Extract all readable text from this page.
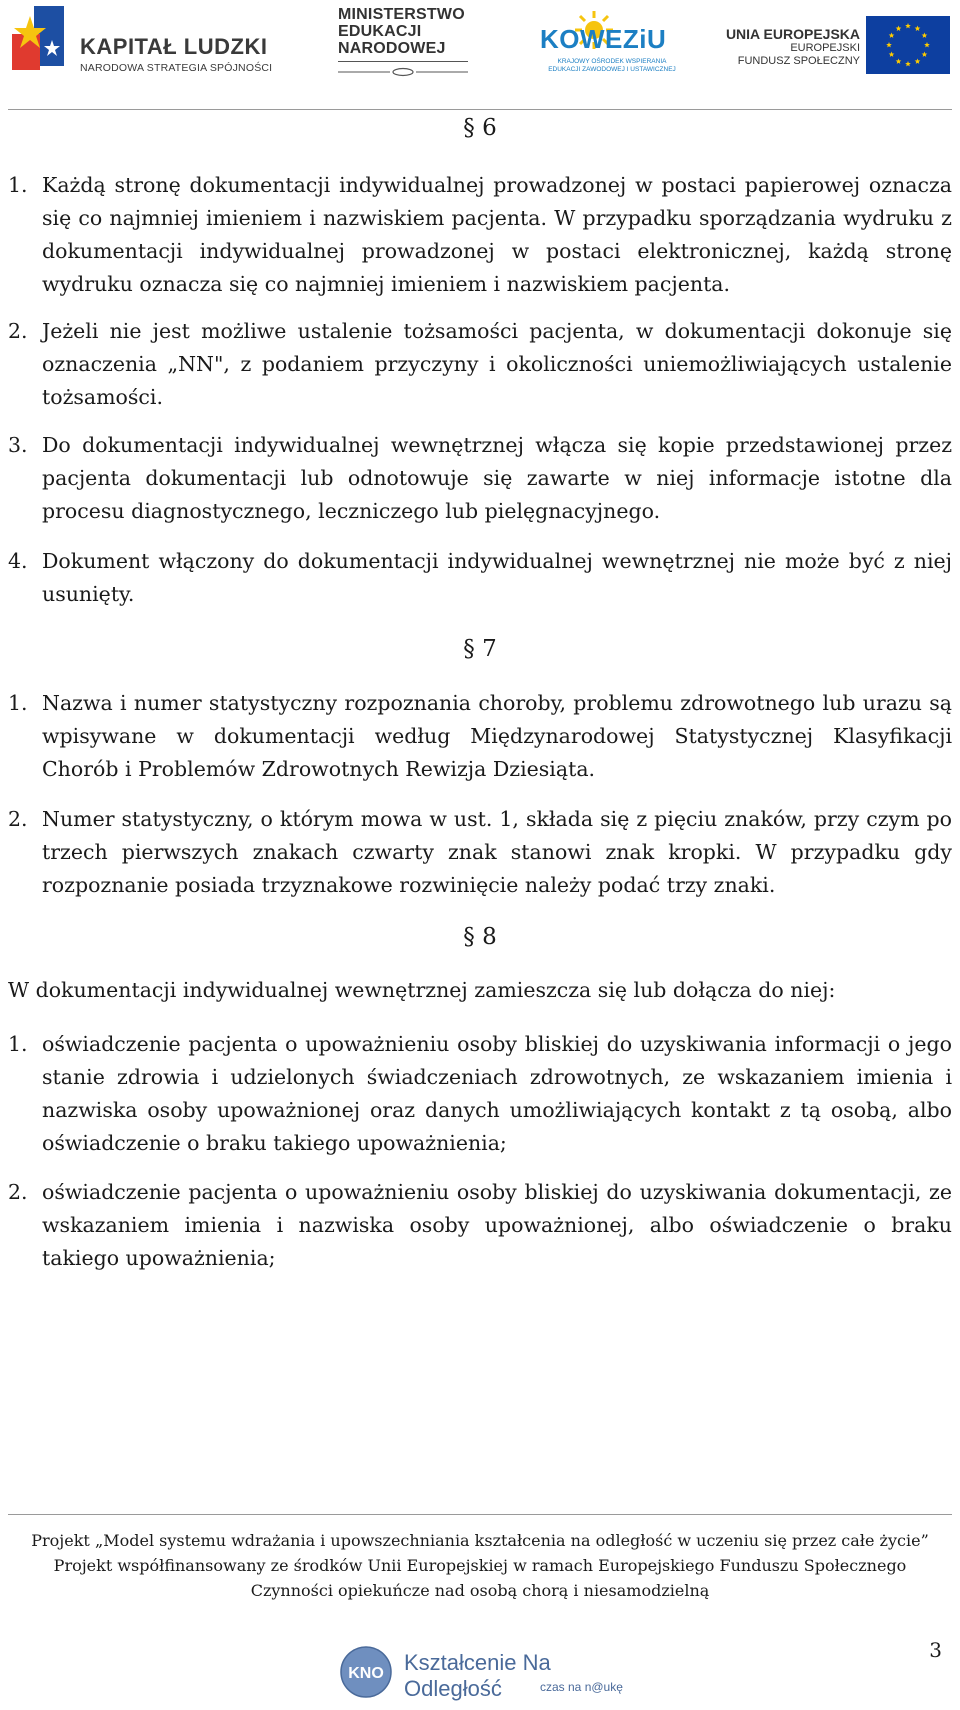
KAPITAŁ LUDZKI
NARODOWA STRATEGIA SPÓJNOŚCI
MINISTERSTWO
EDUKACJI
NARODOWEJ	KOWEZiU
KRAJOWY OŚRODEK WSPIERANIA
EDUKACJI ZAWODOWEJ I USTAWICZNEJ
UNIA EUROPEJSKA
EUROPEJSKI
FUNDUSZ SPOŁECZNY
§ 6
1. Każdą stronę dokumentacji indywidualnej prowadzonej w postaci papierowej oznacza się co najmniej imieniem i nazwiskiem pacjenta. W przypadku sporządzania wydruku z dokumentacji indywidualnej prowadzonej w postaci elektronicznej, każdą stronę wydruku oznacza się co najmniej imieniem i nazwiskiem pacjenta.
2. Jeżeli nie jest możliwe ustalenie tożsamości pacjenta, w dokumentacji dokonuje się oznaczenia „NN", z podaniem przyczyny i okoliczności uniemożliwiających ustalenie tożsamości.
3. Do dokumentacji indywidualnej wewnętrznej włącza się kopie przedstawionej przez pacjenta dokumentacji lub odnotowuje się zawarte w niej informacje istotne dla procesu diagnostycznego, leczniczego lub pielęgnacyjnego.
4. Dokument włączony do dokumentacji indywidualnej wewnętrznej nie może być z niej usunięty.
§ 7
1. Nazwa i numer statystyczny rozpoznania choroby, problemu zdrowotnego lub urazu są wpisywane w dokumentacji według Międzynarodowej Statystycznej Klasyfikacji Chorób i Problemów Zdrowotnych Rewizja Dziesiąta.
2. Numer statystyczny, o którym mowa w ust. 1, składa się z pięciu znaków, przy czym po trzech pierwszych znakach czwarty znak stanowi znak kropki. W przypadku gdy rozpoznanie posiada trzyznakowe rozwinięcie należy podać trzy znaki.
§ 8
W dokumentacji indywidualnej wewnętrznej zamieszcza się lub dołącza do niej:
1. oświadczenie pacjenta o upoważnieniu osoby bliskiej do uzyskiwania informacji o jego stanie zdrowia i udzielonych świadczeniach zdrowotnych, ze wskazaniem imienia i nazwiska osoby upoważnionej oraz danych umożliwiających kontakt z tą osobą, albo oświadczenie o braku takiego upoważnienia;
2. oświadczenie pacjenta o upoważnieniu osoby bliskiej do uzyskiwania dokumentacji, ze wskazaniem imienia i nazwiska osoby upoważnionej, albo oświadczenie o braku takiego upoważnienia;
Projekt „Model systemu wdrażania i upowszechniania kształcenia na odległość w uczeniu się przez całe życie”
Projekt współfinansowany ze środków Unii Europejskiej w ramach Europejskiego Funduszu Społecznego
Czynności opiekuńcze nad osobą chorą i niesamodzielną
3
KNO Kształcenie Na Odległość	czas na n@ukę
